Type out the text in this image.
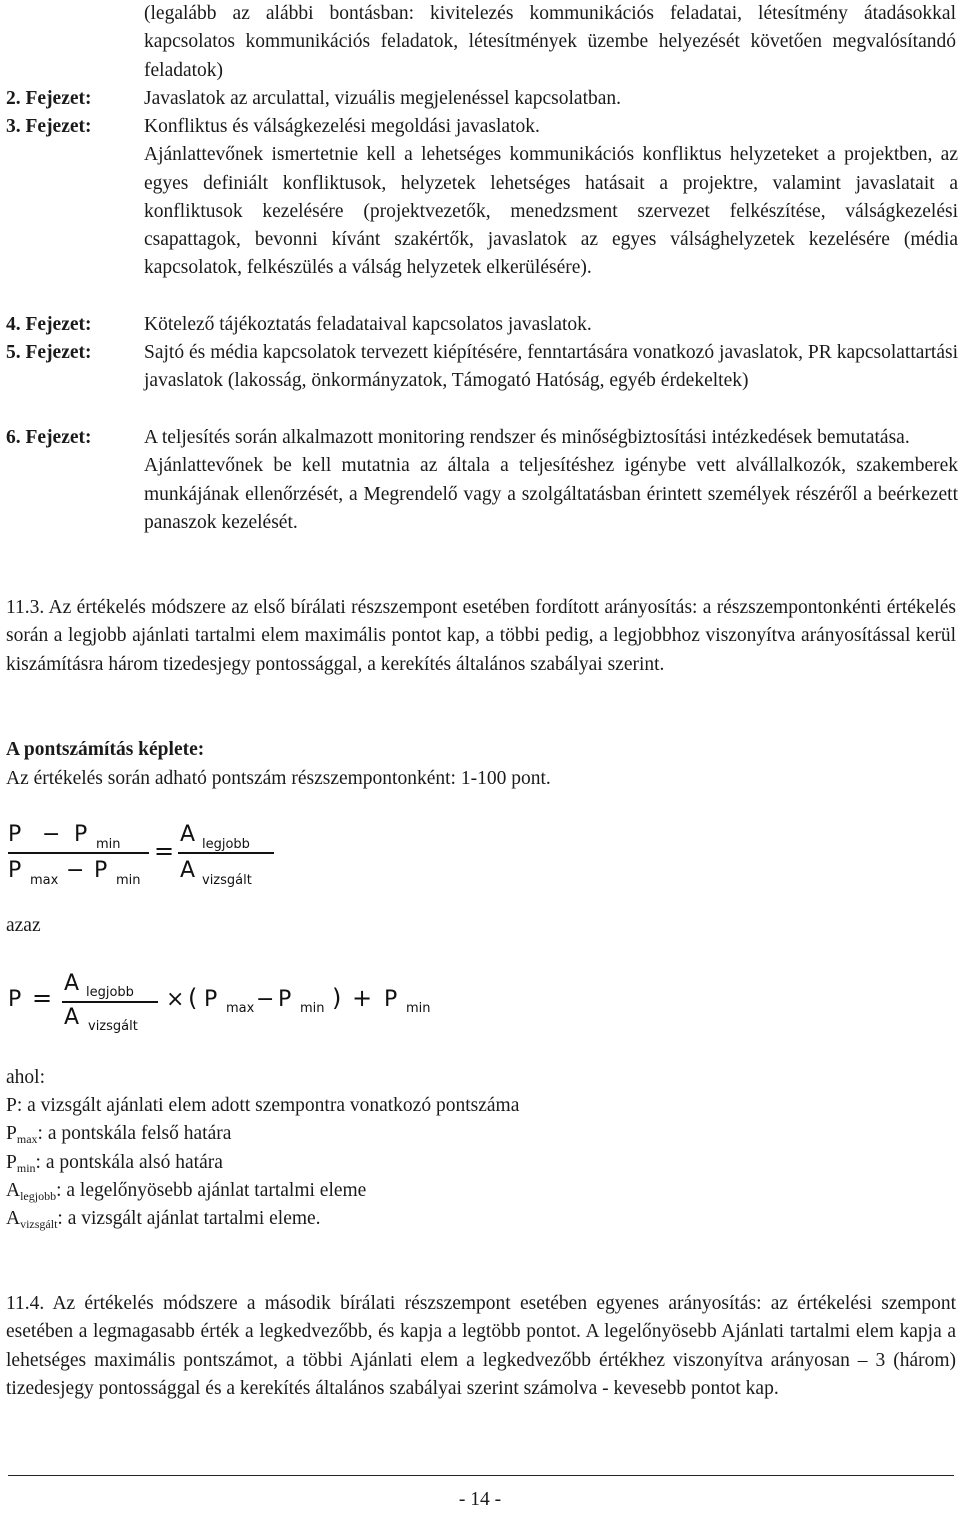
(legalább az alábbi bontásban: kivitelezés kommunikációs feladatai, létesítmény átadásokkal kapcsolatos kommunikációs feladatok, létesítmények üzembe helyezését követően megvalósítandó feladatok)

2. Fejezet:	Javaslatok az arculattal, vizuális megjelenéssel kapcsolatban.

3. Fejezet:	Konfliktus és válságkezelési megoldási javaslatok.

Ajánlattevőnek ismertetnie kell a lehetséges kommunikációs konfliktus helyzeteket a projektben, az egyes definiált konfliktusok, helyzetek lehetséges hatásait a projektre, valamint javaslatait a konfliktusok kezelésére (projektvezetők, menedzsment szervezet felkészítése, válságkezelési csapattagok, bevonni kívánt szakértők, javaslatok az egyes válsághelyzetek kezelésére (média kapcsolatok, felkészülés a válság helyzetek elkerülésére).

4. Fejezet:	Kötelező tájékoztatás feladataival kapcsolatos javaslatok.

5. Fejezet:	Sajtó és média kapcsolatok tervezett kiépítésére, fenntartására vonatkozó javaslatok, PR kapcsolattartási javaslatok (lakosság, önkormányzatok, Támogató Hatóság, egyéb érdekeltek)

6. Fejezet:	A teljesítés során alkalmazott monitoring rendszer és minőségbiztosítási intézkedések bemutatása.

Ajánlattevőnek be kell mutatnia az általa a teljesítéshez igénybe vett alvállalkozók, szakemberek munkájának ellenőrzését, a Megrendelő vagy a szolgáltatásban érintett személyek részéről a beérkezett panaszok kezelését.

11.3. Az értékelés módszere az első bírálati részszempont esetében fordított arányosítás: a részszempontonkénti értékelés során a legjobb ajánlati tartalmi elem maximális pontot kap, a többi pedig, a legjobbhoz viszonyítva arányosítással kerül kiszámításra három tizedesjegy pontossággal, a kerekítés általános szabályai szerint.

A pontszámítás képlete:

Az értékelés során adható pontszám részszempontonként: 1-100 pont.

P − P min
P max − P min
=
A legjobb
A vizsgált

azaz

P =
A legjobb
A vizsgált
× ( P max − P min ) + P min

ahol:

P: a vizsgált ajánlati elem adott szempontra vonatkozó pontszáma
$P_{max}$: a pontskála felső határa
$P_{min}$: a pontskála alsó határa
$A_{legjobb}$: a legelőnyösebb ajánlat tartalmi eleme
$A_{vizsgált}$: a vizsgált ajánlat tartalmi eleme.

11.4. Az értékelés módszere a második bírálati részszempont esetében egyenes arányosítás: az értékelési szempont esetében a legmagasabb érték a legkedvezőbb, és kapja a legtöbb pontot. A legelőnyösebb Ajánlati tartalmi elem kapja a lehetséges maximális pontszámot, a többi Ajánlati elem a legkedvezőbb értékhez viszonyítva arányosan – 3 (három) tizedesjegy pontossággal és a kerekítés általános szabályai szerint számolva - kevesebb pontot kap.

- 14 -
